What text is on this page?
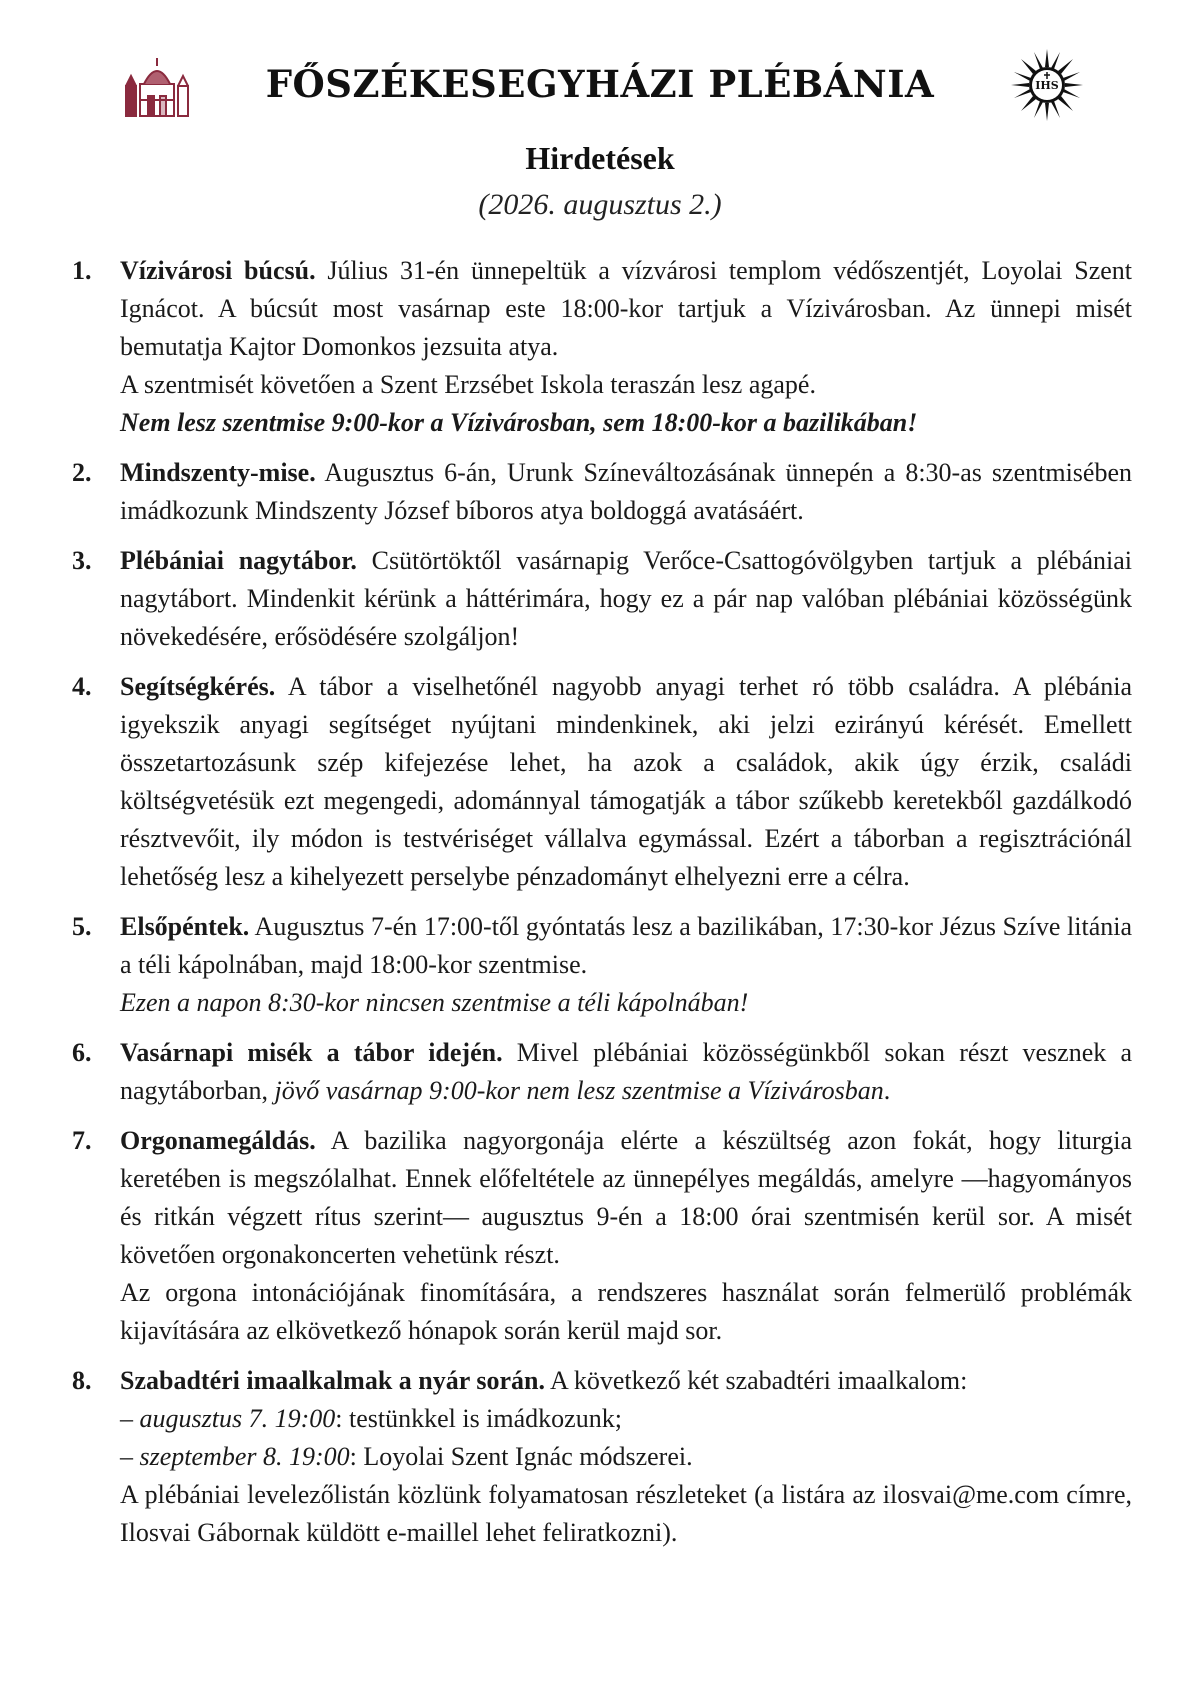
FŐSZÉKESEGYHÁZI PLÉBÁNIA	IHS
Hirdetések
(2026. augusztus 2.)
1. Vízivárosi búcsú. Július 31-én ünnepeltük a vízvárosi templom védőszentjét, Loyolai Szent Ignácot. A búcsút most vasárnap este 18:00-kor tartjuk a Vízivárosban. Az ünnepi misét bemutatja Kajtor Domonkos jezsuita atya.

A szentmisét követően a Szent Erzsébet Iskola teraszán lesz agapé.

Nem lesz szentmise 9:00-kor a Vízivárosban, sem 18:00-kor a bazilikában!

2. Mindszenty-mise. Augusztus 6-án, Urunk Színeváltozásának ünnepén a 8:30-as szentmisében imádkozunk Mindszenty József bíboros atya boldoggá avatásáért.

3. Plébániai nagytábor. Csütörtöktől vasárnapig Verőce-Csattogóvölgyben tartjuk a plébániai nagytábort. Mindenkit kérünk a háttérimára, hogy ez a pár nap valóban plébániai közösségünk növekedésére, erősödésére szolgáljon!

4. Segítségkérés. A tábor a viselhetőnél nagyobb anyagi terhet ró több családra. A plébánia igyekszik anyagi segítséget nyújtani mindenkinek, aki jelzi ezirányú kérését. Emellett összetartozásunk szép kifejezése lehet, ha azok a családok, akik úgy érzik, családi költségvetésük ezt megengedi, adománnyal támogatják a tábor szűkebb keretekből gazdálkodó résztvevőit, ily módon is testvériséget vállalva egymással. Ezért a táborban a regisztrációnál lehetőség lesz a kihelyezett perselybe pénzadományt elhelyezni erre a célra.

5. Elsőpéntek. Augusztus 7-én 17:00-től gyóntatás lesz a bazilikában, 17:30-kor Jézus Szíve litánia a téli kápolnában, majd 18:00-kor szentmise.

Ezen a napon 8:30-kor nincsen szentmise a téli kápolnában!

6. Vasárnapi misék a tábor idején. Mivel plébániai közösségünkből sokan részt vesznek a nagytáborban, jövő vasárnap 9:00-kor nem lesz szentmise a Vízivárosban.

7. Orgonamegáldás. A bazilika nagyorgonája elérte a készültség azon fokát, hogy liturgia keretében is megszólalhat. Ennek előfeltétele az ünnepélyes megáldás, amelyre —hagyományos és ritkán végzett rítus szerint— augusztus 9-én a 18:00 órai szentmisén kerül sor. A misét követően orgonakoncerten vehetünk részt.

Az orgona intonációjának finomítására, a rendszeres használat során felmerülő problémák kijavítására az elkövetkező hónapok során kerül majd sor.

8. Szabadtéri imaalkalmak a nyár során. A következő két szabadtéri imaalkalom:

– augusztus 7. 19:00: testünkkel is imádkozunk;

– szeptember 8. 19:00: Loyolai Szent Ignác módszerei.

A plébániai levelezőlistán közlünk folyamatosan részleteket (a listára az ilosvai@me.com címre, Ilosvai Gábornak küldött e-maillel lehet feliratkozni).
